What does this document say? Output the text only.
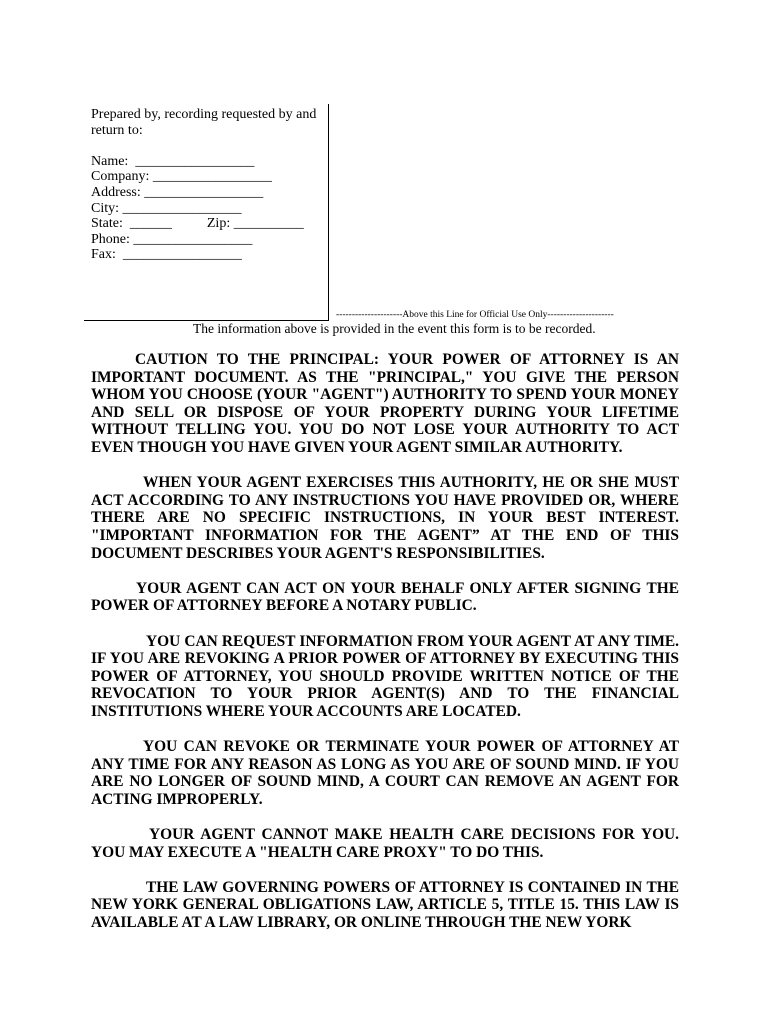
Prepared by, recording requested by and
return to:
Name:  _________________
Company: _________________
Address: _________________
City: _________________
State:  ______          Zip: __________
Phone: _________________
Fax:  _________________
---------------------Above this Line for Official Use Only---------------------
The information above is provided in the event this form is to be recorded.

CAUTION TO THE PRINCIPAL: YOUR POWER OF ATTORNEY IS AN IMPORTANT DOCUMENT. AS THE "PRINCIPAL," YOU GIVE THE PERSON WHOM YOU CHOOSE (YOUR "AGENT") AUTHORITY TO SPEND YOUR MONEY AND SELL OR DISPOSE OF YOUR PROPERTY DURING YOUR LIFETIME WITHOUT TELLING YOU. YOU DO NOT LOSE YOUR AUTHORITY TO ACT EVEN THOUGH YOU HAVE GIVEN YOUR AGENT SIMILAR AUTHORITY.

WHEN YOUR AGENT EXERCISES THIS AUTHORITY, HE OR SHE MUST ACT ACCORDING TO ANY INSTRUCTIONS YOU HAVE PROVIDED OR, WHERE THERE ARE NO SPECIFIC INSTRUCTIONS, IN YOUR BEST INTEREST. "IMPORTANT INFORMATION FOR THE AGENT” AT THE END OF THIS DOCUMENT DESCRIBES YOUR AGENT'S RESPONSIBILITIES.

YOUR AGENT CAN ACT ON YOUR BEHALF ONLY AFTER SIGNING THE POWER OF ATTORNEY BEFORE A NOTARY PUBLIC.

YOU CAN REQUEST INFORMATION FROM YOUR AGENT AT ANY TIME. IF YOU ARE REVOKING A PRIOR POWER OF ATTORNEY BY EXECUTING THIS POWER OF ATTORNEY, YOU SHOULD PROVIDE WRITTEN NOTICE OF THE REVOCATION TO YOUR PRIOR AGENT(S) AND TO THE FINANCIAL INSTITUTIONS WHERE YOUR ACCOUNTS ARE LOCATED.

YOU CAN REVOKE OR TERMINATE YOUR POWER OF ATTORNEY AT ANY TIME FOR ANY REASON AS LONG AS YOU ARE OF SOUND MIND. IF YOU ARE NO LONGER OF SOUND MIND, A COURT CAN REMOVE AN AGENT FOR ACTING IMPROPERLY.

YOUR AGENT CANNOT MAKE HEALTH CARE DECISIONS FOR YOU. YOU MAY EXECUTE A "HEALTH CARE PROXY" TO DO THIS.

THE LAW GOVERNING POWERS OF ATTORNEY IS CONTAINED IN THE NEW YORK GENERAL OBLIGATIONS LAW, ARTICLE 5, TITLE 15. THIS LAW IS AVAILABLE AT A LAW LIBRARY, OR ONLINE THROUGH THE NEW YORK
